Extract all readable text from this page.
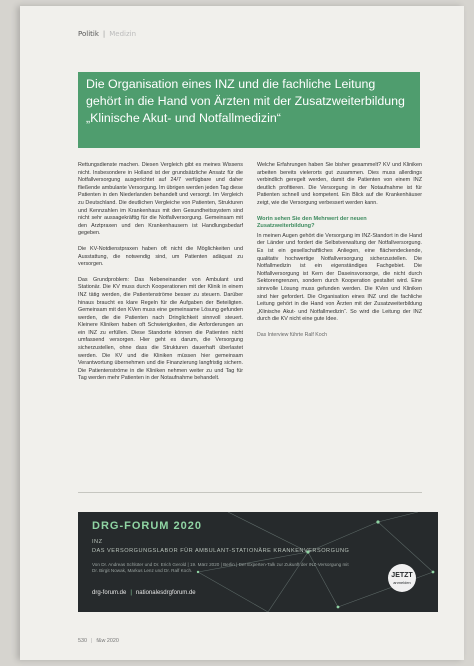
Politik | Medizin
Die Organisation eines INZ und die fachliche Leitung gehört in die Hand von Ärzten mit der Zusatzweiterbildung „Klinische Akut- und Notfallmedizin“

Rettungsdienste machen. Diesen Vergleich gibt es meines Wissens nicht. Insbesondere in Holland ist der grundsätzliche Ansatz für die Notfallversorgung ausgerichtet auf 24/7 verfügbare und daher fließende ambulante Versorgung. Im übrigen werden jeden Tag diese Patienten in den Niederlanden behandelt und versorgt. Im Vergleich zu Deutschland. Die deutlichen Vergleiche von Patienten, Strukturen und Kennzahlen im Krankenhaus mit den Gesundheitssystem sind nicht sehr aussagekräftig für die Notfallversorgung. Gemeinsam mit den Arztpraxen und den Krankenhausern ist Handlungsbedarf gegeben.

Die KV-Notdienstpraxen haben oft nicht die Möglichkeiten und Ausstattung, die notwendig sind, um Patienten adäquat zu versorgen.

Das Grundproblem: Das Nebeneinander von Ambulant und Stationär. Die KV muss durch Kooperationen mit der Klinik in einem INZ tätig werden, die Patientenströme besser zu steuern. Darüber hinaus braucht es klare Regeln für die Aufgaben der Beteiligten. Gemeinsam mit den KVen muss eine gemeinsame Lösung gefunden werden, die die Patienten nach Dringlichkeit sinnvoll steuert. Kleinere Kliniken haben oft Schwierigkeiten, die Anforderungen an ein INZ zu erfüllen. Diese Standorte können die Patienten nicht umfassend versorgen. Hier geht es darum, die Versorgung sicherzustellen, ohne dass die Strukturen dauerhaft überlastet werden. Die KV und die Kliniken müssen hier gemeinsam Verantwortung übernehmen und die Finanzierung langfristig sichern. Die Patientenströme in die Kliniken nehmen weiter zu und Tag für Tag werden mehr Patienten in der Notaufnahme behandelt.

Welche Erfahrungen haben Sie bisher gesammelt? KV und Kliniken arbeiten bereits vielerorts gut zusammen. Dies muss allerdings verbindlich geregelt werden, damit die Patienten von einem INZ deutlich profitieren. Die Versorgung in der Notaufnahme ist für Patienten schnell und kompetent. Ein Blick auf die Krankenhäuser zeigt, wie die Versorgung verbessert werden kann.

Worin sehen Sie den Mehrwert der neuen Zusatzweiterbildung?

In meinen Augen gehört die Versorgung im INZ-Standort in die Hand der Länder und fordert die Selbstverwaltung der Notfallversorgung. Es ist ein gesellschaftliches Anliegen, eine flächendeckende, qualitativ hochwertige Notfallversorgung sicherzustellen. Die Notfallmedizin ist ein eigenständiges Fachgebiet. Die Notfallversorgung ist Kern der Daseinsvorsorge, die nicht durch Sektorengrenzen, sondern durch Kooperation gestaltet wird. Eine sinnvolle Lösung muss gefunden werden. Die KVen und Kliniken sind hier gefordert. Die Organisation eines INZ und die fachliche Leitung gehört in die Hand von Ärzten mit der Zusatzweiterbildung „Klinische Akut- und Notfallmedizin“. So wird die Leitung der INZ durch die KV nicht eine gute Idee.

Das Interview führte Ralf Koch
DRG-FORUM 2020
INZ
DAS VERSORGUNGSLABOR FÜR AMBULANT-STATIONÄRE KRANKENVERSORGUNG
Von Dr. Andreas Schlüter und Dr. Erich Gerold | 19. März 2020 | Berlin | Der Experten-Talk zur Zukunft der INZ-Versorgung mit Dr. Birgit Nowak, Markus Lenz und Dr. Ralf Koch.
drg-forum.de | nationalesdrgforum.de
JETZT
anmelden
530 | f&w 2020
